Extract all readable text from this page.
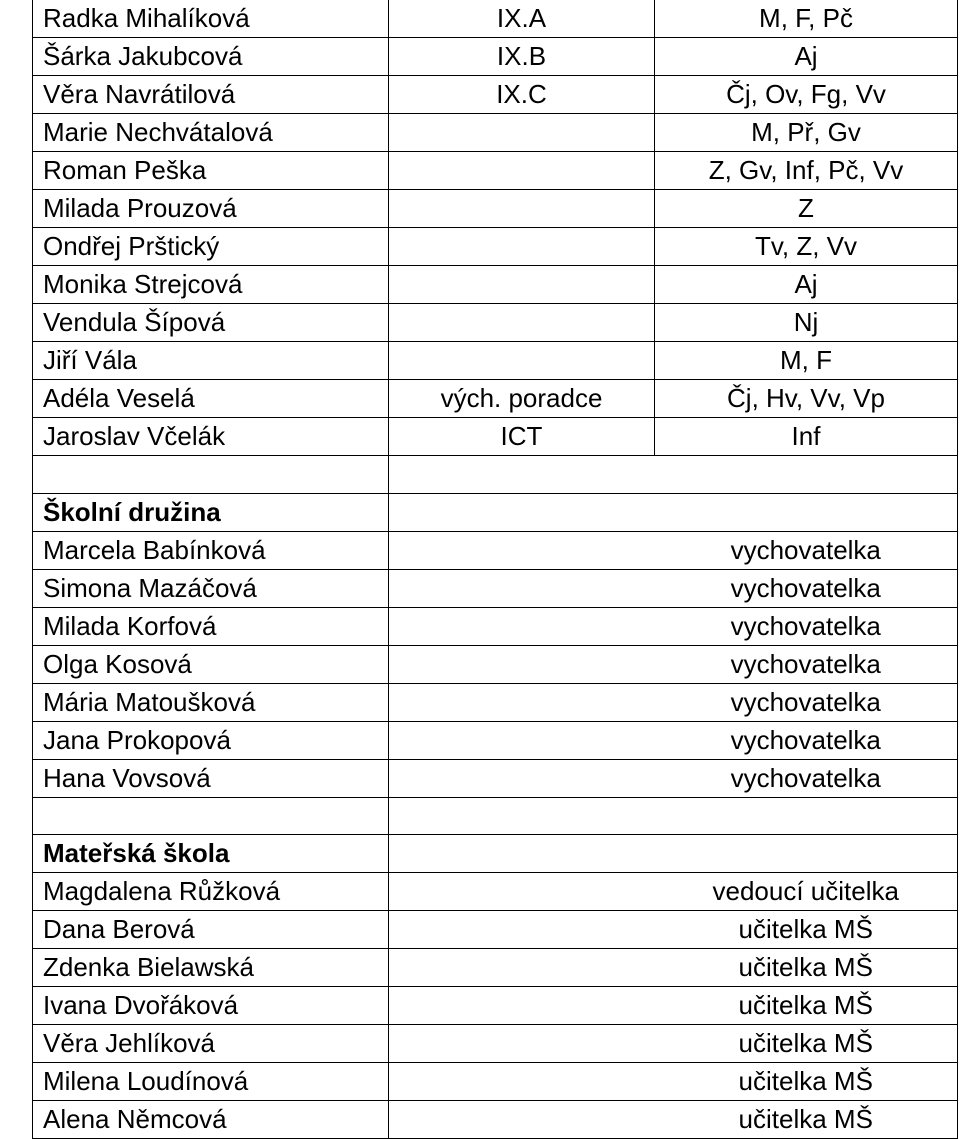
Radka Mihalíková	IX.A	M, F, Pč
Šárka Jakubcová	IX.B	Aj
Věra Navrátilová	IX.C	Čj, Ov, Fg, Vv
Marie Nechvátalová		M, Př, Gv
Roman Peška		Z, Gv, Inf, Pč, Vv
Milada Prouzová		Z
Ondřej Prštický		Tv, Z, Vv
Monika Strejcová		Aj
Vendula Šípová		Nj
Jiří Vála		M, F
Adéla Veselá	vých. poradce	Čj, Hv, Vv, Vp
Jaroslav Včelák	ICT	Inf

Školní družina		
Marcela Babínková		vychovatelka
Simona Mazáčová		vychovatelka
Milada Korfová		vychovatelka
Olga Kosová		vychovatelka
Mária Matoušková		vychovatelka
Jana Prokopová		vychovatelka
Hana Vovsová		vychovatelka

Mateřská škola		
Magdalena Růžková		vedoucí učitelka
Dana Berová		učitelka MŠ
Zdenka Bielawská		učitelka MŠ
Ivana Dvořáková		učitelka MŠ
Věra Jehlíková		učitelka MŠ
Milena Loudínová		učitelka MŠ
Alena Němcová		učitelka MŠ
